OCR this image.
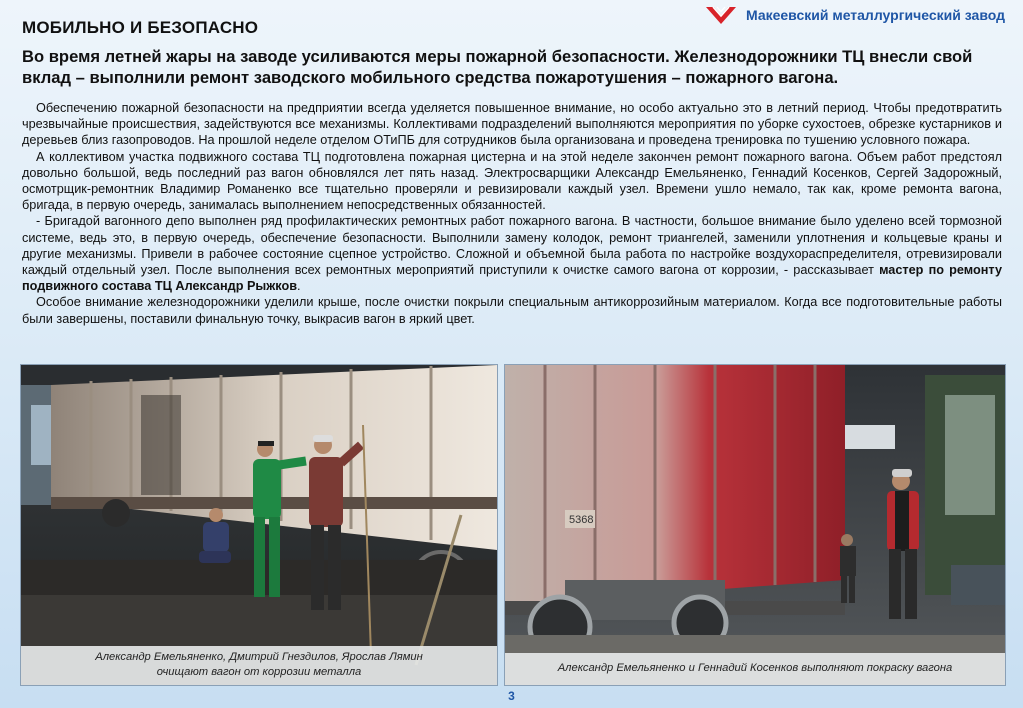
МОБИЛЬНО И БЕЗОПАСНО
Макеевский металлургический завод
Во время летней жары на заводе усиливаются меры пожарной безопасности. Железнодорожники ТЦ внесли свой вклад – выполнили ремонт заводского мобильного средства пожаротушения – пожарного вагона.

Обеспечению пожарной безопасности на предприятии всегда уделяется повышенное внимание, но особо актуально это в летний период. Чтобы предотвратить чрезвычайные происшествия, задействуются все механизмы. Коллективами подразделений выполняются мероприятия по уборке сухостоев, обрезке кустарников и деревьев близ газопроводов. На прошлой неделе отделом ОТиПБ для сотрудников была организована и проведена тренировка по тушению условного пожара.

А коллективом участка подвижного состава ТЦ подготовлена пожарная цистерна и на этой неделе закончен ремонт пожарного вагона. Объем работ предстоял довольно большой, ведь последний раз вагон обновлялся лет пять назад. Электросварщики Александр Емельяненко, Геннадий Косенков, Сергей Задорожный, осмотрщик-ремонтник Владимир Романенко все тщательно проверяли и ревизировали каждый узел. Времени ушло немало, так как, кроме ремонта вагона, бригада, в первую очередь, занималась выполнением непосредственных обязанностей.

- Бригадой вагонного депо выполнен ряд профилактических ремонтных работ пожарного вагона. В частности, большое внимание было уделено всей тормозной системе, ведь это, в первую очередь, обеспечение безопасности. Выполнили замену колодок, ремонт триангелей, заменили уплотнения и кольцевые краны и другие механизмы. Привели в рабочее состояние сцепное устройство. Сложной и объемной была работа по настройке воздухораспределителя, отревизировали каждый отдельный узел. После выполнения всех ремонтных мероприятий приступили к очистке самого вагона от коррозии, - рассказывает мастер по ремонту подвижного состава ТЦ Александр Рыжков.

Особое внимание железнодорожники уделили крыше, после очистки покрыли специальным антикоррозийным материалом. Когда все подготовительные работы были завершены, поставили финальную точку, выкрасив вагон в яркий цвет.

Александр Емельяненко, Дмитрий Гнездилов, Ярослав Лямин
очищают вагон от коррозии металла
5368
Александр Емельяненко и Геннадий Косенков выполняют покраску вагона
3
